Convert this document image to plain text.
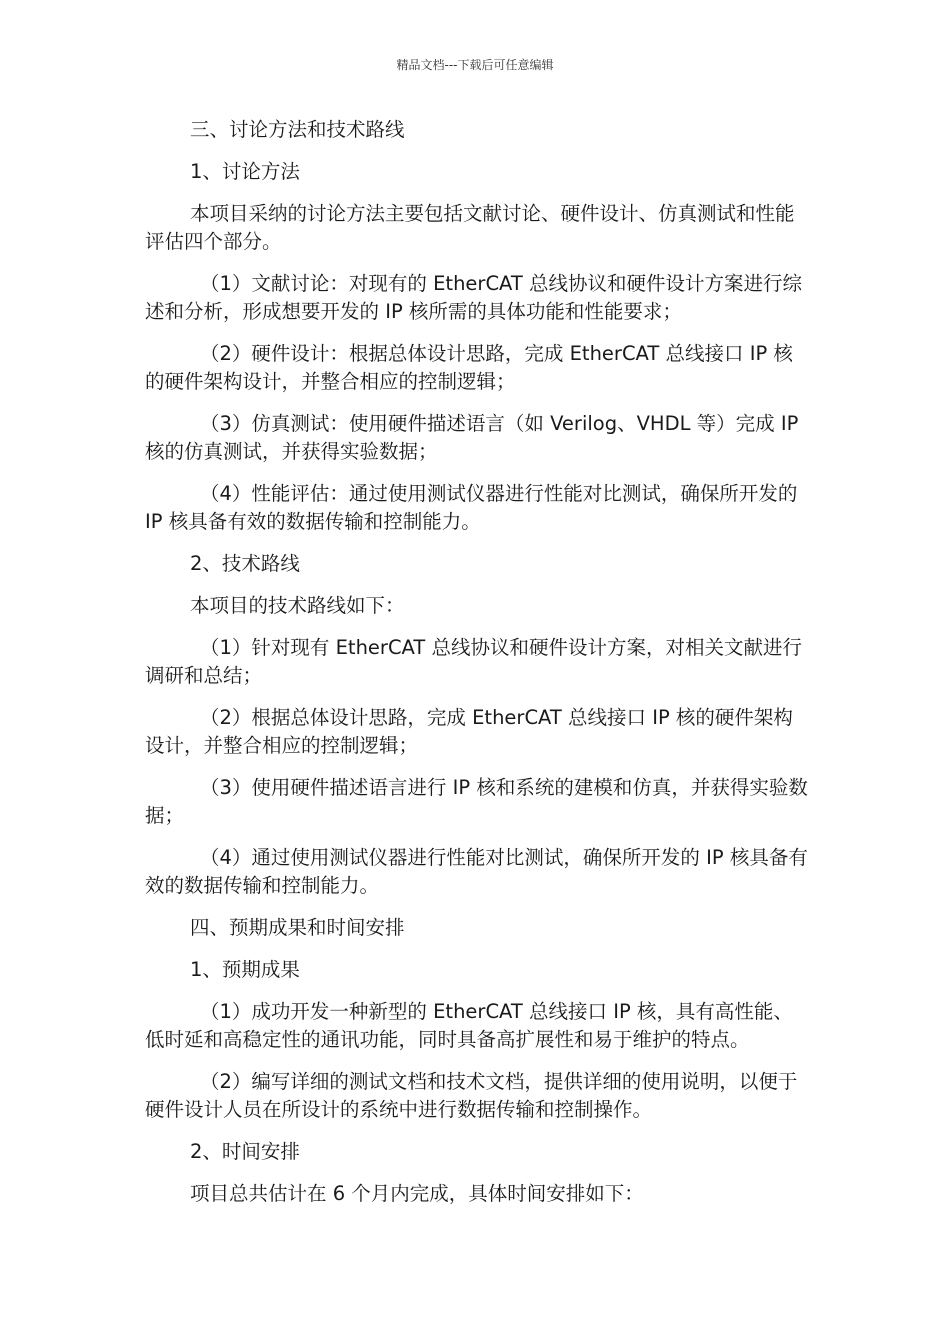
精品文档---下载后可任意编辑

三、讨论方法和技术路线

1、讨论方法

本项目采纳的讨论方法主要包括文献讨论、硬件设计、仿真测试和性能评估四个部分。

（1）文献讨论：对现有的 EtherCAT 总线协议和硬件设计方案进行综述和分析，形成想要开发的 IP 核所需的具体功能和性能要求；

（2）硬件设计：根据总体设计思路，完成 EtherCAT 总线接口 IP 核的硬件架构设计，并整合相应的控制逻辑；

（3）仿真测试：使用硬件描述语言（如 Verilog、VHDL 等）完成 IP 核的仿真测试，并获得实验数据；

（4）性能评估：通过使用测试仪器进行性能对比测试，确保所开发的 IP 核具备有效的数据传输和控制能力。

2、技术路线

本项目的技术路线如下：

（1）针对现有 EtherCAT 总线协议和硬件设计方案，对相关文献进行调研和总结；

（2）根据总体设计思路，完成 EtherCAT 总线接口 IP 核的硬件架构设计，并整合相应的控制逻辑；

（3）使用硬件描述语言进行 IP 核和系统的建模和仿真，并获得实验数据；

（4）通过使用测试仪器进行性能对比测试，确保所开发的 IP 核具备有效的数据传输和控制能力。

四、预期成果和时间安排

1、预期成果

（1）成功开发一种新型的 EtherCAT 总线接口 IP 核，具有高性能、低时延和高稳定性的通讯功能，同时具备高扩展性和易于维护的特点。

（2）编写详细的测试文档和技术文档，提供详细的使用说明，以便于硬件设计人员在所设计的系统中进行数据传输和控制操作。

2、时间安排

项目总共估计在 6 个月内完成，具体时间安排如下：
